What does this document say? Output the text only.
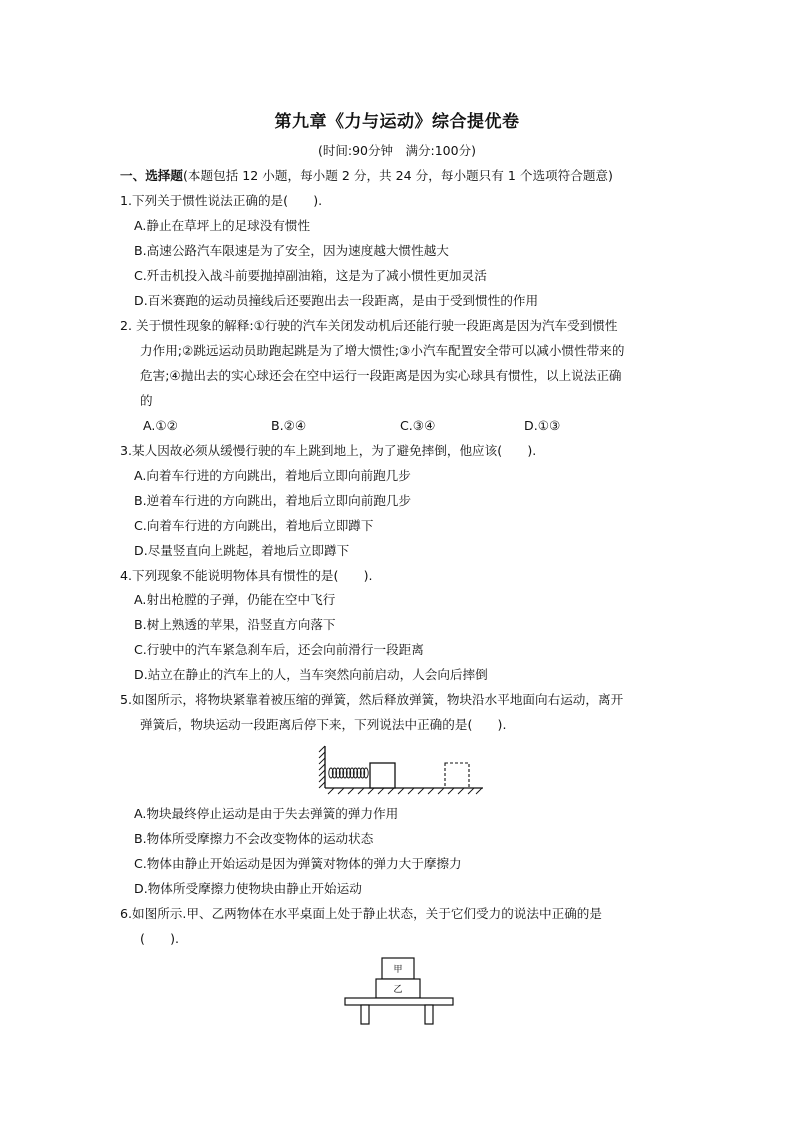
第九章《力与运动》综合提优卷
(时间:90分钟　满分:100分)
一、选择题(本题包括 12 小题，每小题 2 分，共 24 分，每小题只有 1 个选项符合题意)
1.下列关于惯性说法正确的是(　　).
A.静止在草坪上的足球没有惯性
B.高速公路汽车限速是为了安全，因为速度越大惯性越大
C.歼击机投入战斗前要抛掉副油箱，这是为了减小惯性更加灵活
D.百米赛跑的运动员撞线后还要跑出去一段距离，是由于受到惯性的作用
2. 关于惯性现象的解释:①行驶的汽车关闭发动机后还能行驶一段距离是因为汽车受到惯性
力作用;②跳远运动员助跑起跳是为了增大惯性;③小汽车配置安全带可以减小惯性带来的
危害;④抛出去的实心球还会在空中运行一段距离是因为实心球具有惯性，以上说法正确
的
A.①②	B.②④	C.③④	D.①③
3.某人因故必须从缓慢行驶的车上跳到地上，为了避免摔倒，他应该(　　).
A.向着车行进的方向跳出，着地后立即向前跑几步
B.逆着车行进的方向跳出，着地后立即向前跑几步
C.向着车行进的方向跳出，着地后立即蹲下
D.尽量竖直向上跳起，着地后立即蹲下
4.下列现象不能说明物体具有惯性的是(　　).
A.射出枪膛的子弹，仍能在空中飞行
B.树上熟透的苹果，沿竖直方向落下
C.行驶中的汽车紧急刹车后，还会向前滑行一段距离
D.站立在静止的汽车上的人，当车突然向前启动，人会向后摔倒
5.如图所示，将物块紧靠着被压缩的弹簧，然后释放弹簧，物块沿水平地面向右运动，离开
弹簧后，物块运动一段距离后停下来，下列说法中正确的是(　　).
A.物块最终停止运动是由于失去弹簧的弹力作用
B.物体所受摩擦力不会改变物体的运动状态
C.物体由静止开始运动是因为弹簧对物体的弹力大于摩擦力
D.物体所受摩擦力使物块由静止开始运动
6.如图所示.甲、乙两物体在水平桌面上处于静止状态，关于它们受力的说法中正确的是
(　　).
甲
乙
